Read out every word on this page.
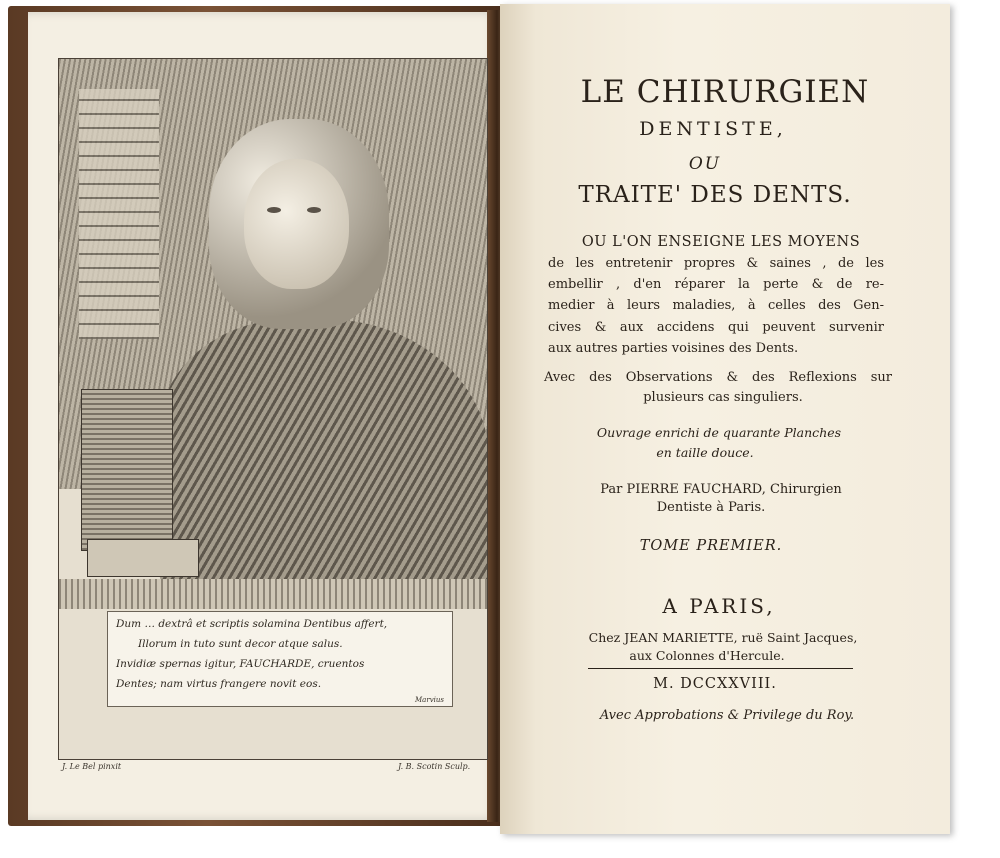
Dum … dextrâ et scriptis solamina Dentibus affert,
Illorum in tuto sunt decor atque salus.
Invidiæ spernas igitur, FAUCHARDE, cruentos
Dentes; nam virtus frangere novit eos.
Marvius
J. Le Bel pinxit	J. B. Scotin Sculp.
LE CHIRURGIEN
DENTISTE,
OU
TRAITE' DES DENTS.
OU L'ON ENSEIGNE LES MOYENS
de les entretenir propres & saines , de les
embellir , d'en réparer la perte & de re-
medier à leurs maladies, à celles des Gen-
cives & aux accidens qui peuvent survenir
aux autres parties voisines des Dents.
Avec des Observations & des Reflexions sur
plusieurs cas singuliers.
Ouvrage enrichi de quarante Planches
en taille douce.
Par PIERRE FAUCHARD, Chirurgien
Dentiste à Paris.
TOME PREMIER.
A PARIS,
Chez JEAN MARIETTE, ruë Saint Jacques,
aux Colonnes d'Hercule.
M. DCCXXVIII.
Avec Approbations & Privilege du Roy.
